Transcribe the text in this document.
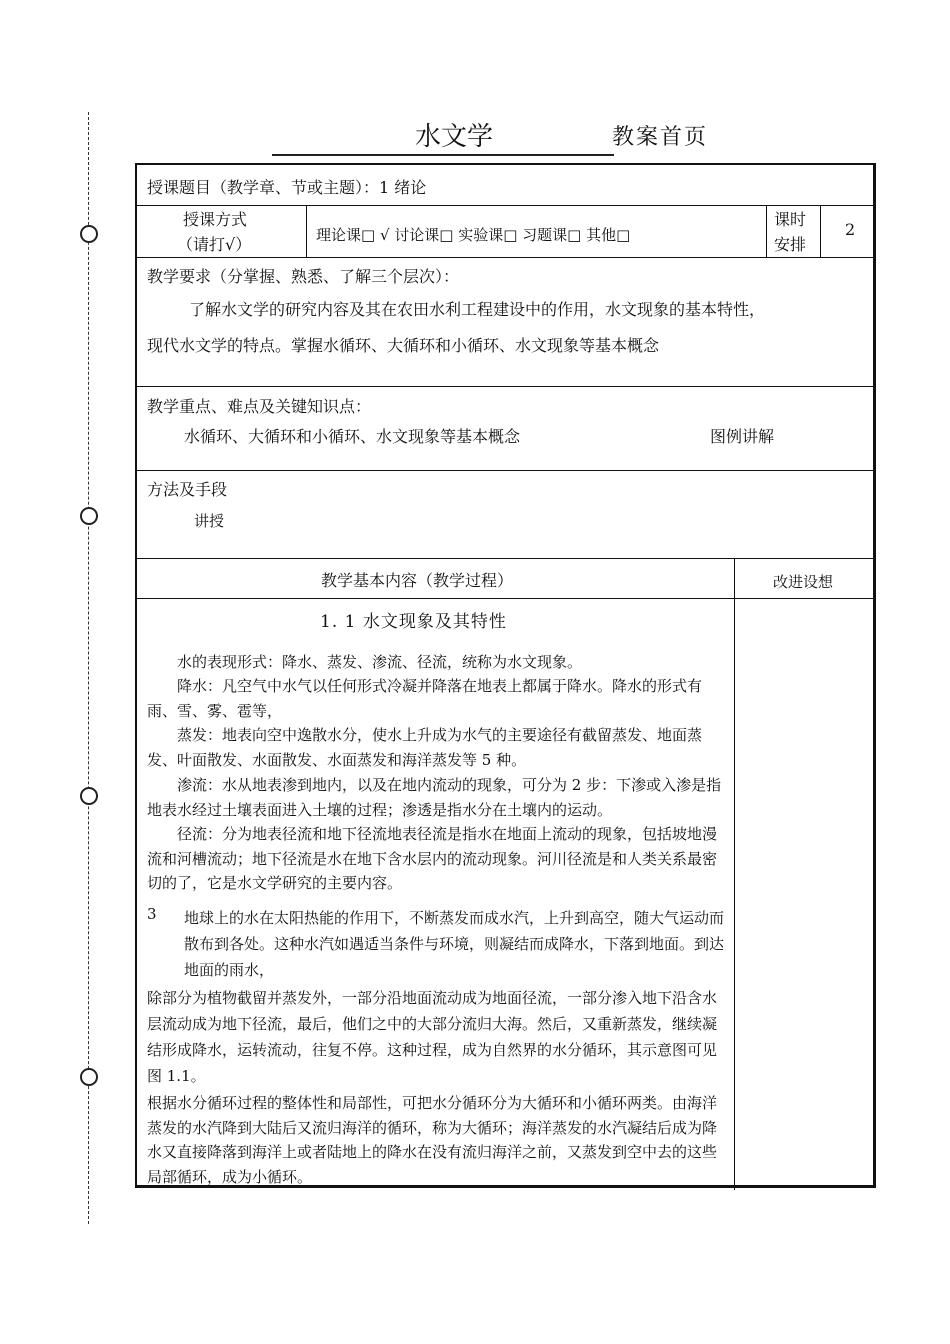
水文学	教案首页
授课题目（教学章、节或主题）：1 绪论
授课方式
（请打√）	理论课□ √ 讨论课□ 实验课□ 习题课□ 其他□
课时
安排
2
教学要求（分掌握、熟悉、了解三个层次）：
了解水文学的研究内容及其在农田水利工程建设中的作用，水文现象的基本特性，
现代水文学的特点。掌握水循环、大循环和小循环、水文现象等基本概念
教学重点、难点及关键知识点：
水循环、大循环和小循环、水文现象等基本概念	图例讲解
方法及手段
讲授
教学基本内容（教学过程）	改进设想
1. 1 水文现象及其特性
水的表现形式：降水、蒸发、渗流、径流，统称为水文现象。
降水：凡空气中水气以任何形式冷凝并降落在地表上都属于降水。降水的形式有雨、雪、雾、雹等，
蒸发：地表向空中逸散水分，使水上升成为水气的主要途径有截留蒸发、地面蒸发、叶面散发、水面散发、水面蒸发和海洋蒸发等 5 种。
渗流：水从地表渗到地内，以及在地内流动的现象，可分为 2 步：下渗或入渗是指地表水经过土壤表面进入土壤的过程；渗透是指水分在土壤内的运动。
径流：分为地表径流和地下径流地表径流是指水在地面上流动的现象，包括坡地漫流和河槽流动；地下径流是水在地下含水层内的流动现象。河川径流是和人类关系最密切的了，它是水文学研究的主要内容。
3 地球上的水在太阳热能的作用下，不断蒸发而成水汽，上升到高空，随大气运动而散布到各处。这种水汽如遇适当条件与环境，则凝结而成降水，下落到地面。到达地面的雨水，
除部分为植物截留并蒸发外，一部分沿地面流动成为地面径流，一部分渗入地下沿含水层流动成为地下径流，最后，他们之中的大部分流归大海。然后，又重新蒸发，继续凝结形成降水，运转流动，往复不停。这种过程，成为自然界的水分循环，其示意图可见图 1.1。
根据水分循环过程的整体性和局部性，可把水分循环分为大循环和小循环两类。由海洋蒸发的水汽降到大陆后又流归海洋的循环，称为大循环；海洋蒸发的水汽凝结后成为降水又直接降落到海洋上或者陆地上的降水在没有流归海洋之前，又蒸发到空中去的这些局部循环，成为小循环。
